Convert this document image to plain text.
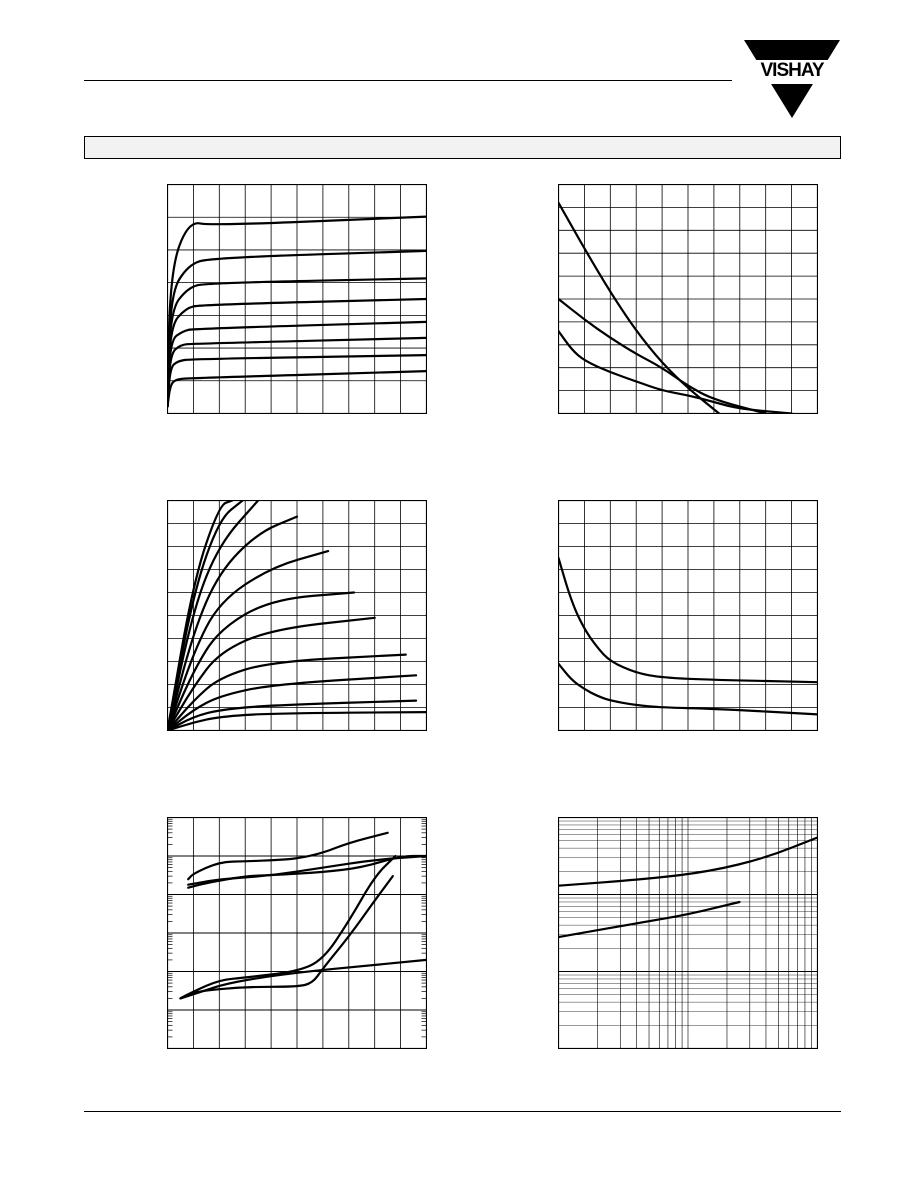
VISHAY
